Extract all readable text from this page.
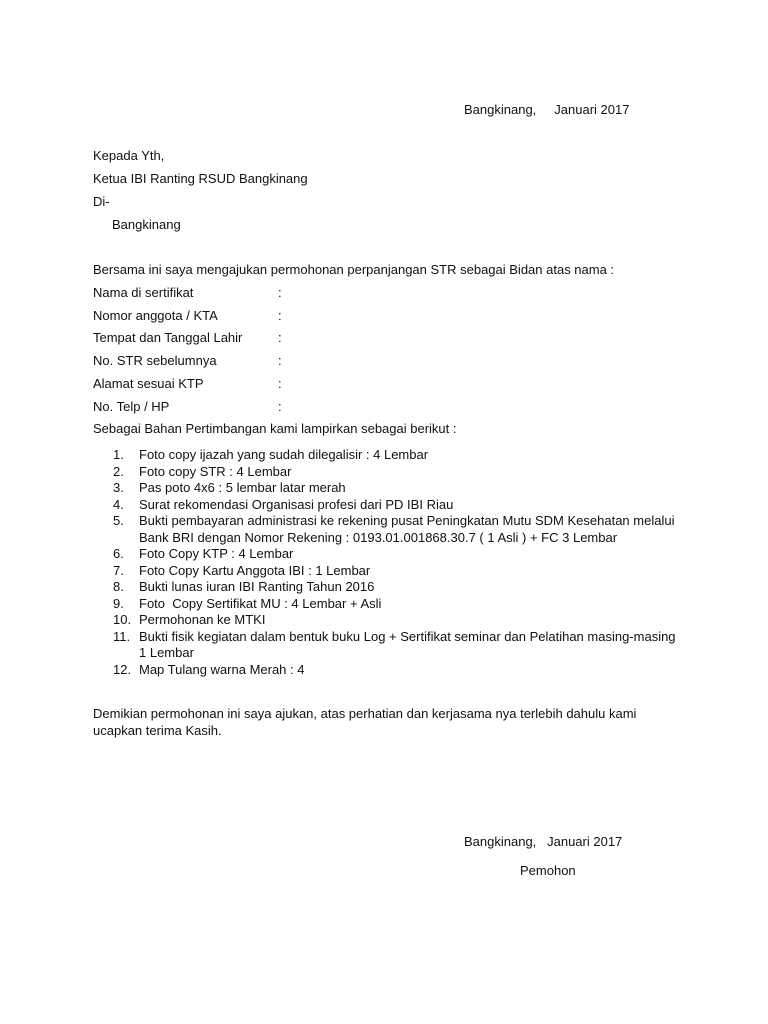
Bangkinang, Januari 2017
Kepada Yth,
Ketua IBI Ranting RSUD Bangkinang
Di-
Bangkinang
Bersama ini saya mengajukan permohonan perpanjangan STR sebagai Bidan atas nama :
Nama di sertifikat	:
Nomor anggota / KTA	:
Tempat dan Tanggal Lahir	:
No. STR sebelumnya	:
Alamat sesuai KTP	:
No. Telp / HP	:
Sebagai Bahan Pertimbangan kami lampirkan sebagai berikut :
1. Foto copy ijazah yang sudah dilegalisir : 4 Lembar
2. Foto copy STR : 4 Lembar
3. Pas poto 4x6 : 5 lembar latar merah
4. Surat rekomendasi Organisasi profesi dari PD IBI Riau
5. Bukti pembayaran administrasi ke rekening pusat Peningkatan Mutu SDM Kesehatan melalui Bank BRI dengan Nomor Rekening : 0193.01.001868.30.7 ( 1 Asli ) + FC 3 Lembar
6. Foto Copy KTP : 4 Lembar
7. Foto Copy Kartu Anggota IBI : 1 Lembar
8. Bukti lunas iuran IBI Ranting Tahun 2016
9. Foto  Copy Sertifikat MU : 4 Lembar + Asli
10. Permohonan ke MTKI
11. Bukti fisik kegiatan dalam bentuk buku Log + Sertifikat seminar dan Pelatihan masing-masing 1 Lembar
12. Map Tulang warna Merah : 4
Demikian permohonan ini saya ajukan, atas perhatian dan kerjasama nya terlebih dahulu kami ucapkan terima Kasih.
Bangkinang,   Januari 2017
Pemohon
